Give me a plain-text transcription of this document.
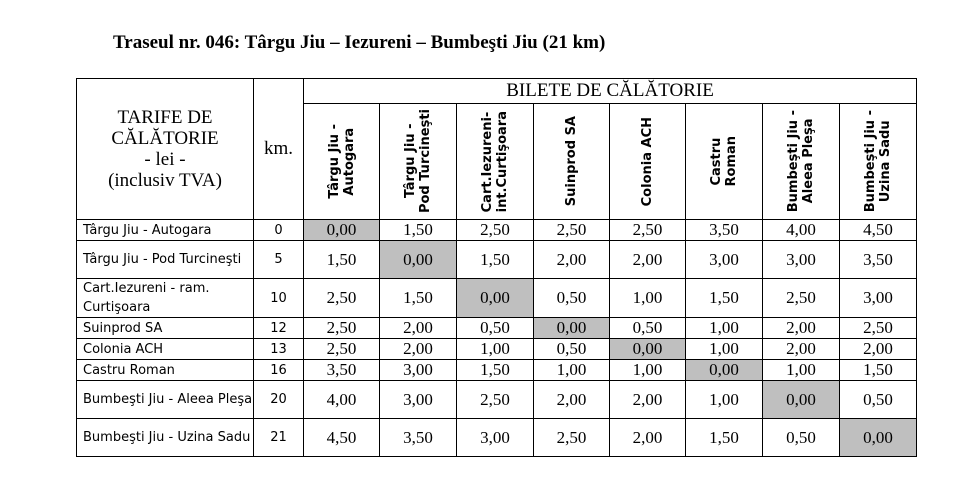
Traseul nr. 046: Târgu Jiu – Iezureni – Bumbeşti Jiu (21 km)
TARIFE DE
CĂLĂTORIE
- lei -
(inclusiv TVA)	km.	BILETE DE CĂLĂTORIE							

		Târgu Jiu -
Autogara	Târgu Jiu -
Pod Turcineşti	Cart.Iezureni-
int.Curtişoara	Suinprod SA	Colonia ACH	Castru
Roman	Bumbeşti Jiu -
Aleea Pleşa	Bumbeşti Jiu -
Uzina Sadu

Târgu Jiu - Autogara	0	0,00	1,50	2,50	2,50	2,50	3,50	4,00	4,50
Târgu Jiu - Pod Turcineşti	5	1,50	0,00	1,50	2,00	2,00	3,00	3,00	3,50
Cart.Iezureni - ram. Curtişoara	10	2,50	1,50	0,00	0,50	1,00	1,50	2,50	3,00
Suinprod SA	12	2,50	2,00	0,50	0,00	0,50	1,00	2,00	2,50
Colonia ACH	13	2,50	2,00	1,00	0,50	0,00	1,00	2,00	2,00
Castru Roman	16	3,50	3,00	1,50	1,00	1,00	0,00	1,00	1,50
Bumbeşti Jiu - Aleea Pleşa	20	4,00	3,00	2,50	2,00	2,00	1,00	0,00	0,50
Bumbeşti Jiu - Uzina Sadu	21	4,50	3,50	3,00	2,50	2,00	1,50	0,50	0,00
